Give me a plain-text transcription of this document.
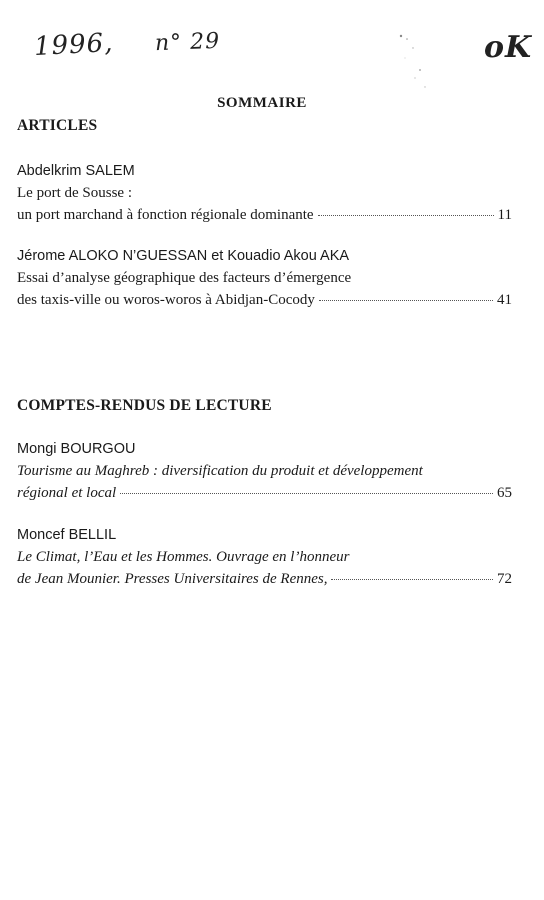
1996, n° 29	oK
SOMMAIRE
ARTICLES
Abdelkrim SALEM
Le port de Sousse :
un port marchand à fonction régionale dominante	11
Jérome ALOKO N’GUESSAN et Kouadio Akou AKA
Essai d’analyse géographique des facteurs d’émergence
des taxis-ville ou woros-woros à Abidjan-Cocody	41
COMPTES-RENDUS DE LECTURE
Mongi BOURGOU
Tourisme au Maghreb : diversification du produit et développement
régional et local	65
Moncef BELLIL
Le Climat, l’Eau et les Hommes. Ouvrage en l’honneur
de Jean Mounier. Presses Universitaires de Rennes,	72
